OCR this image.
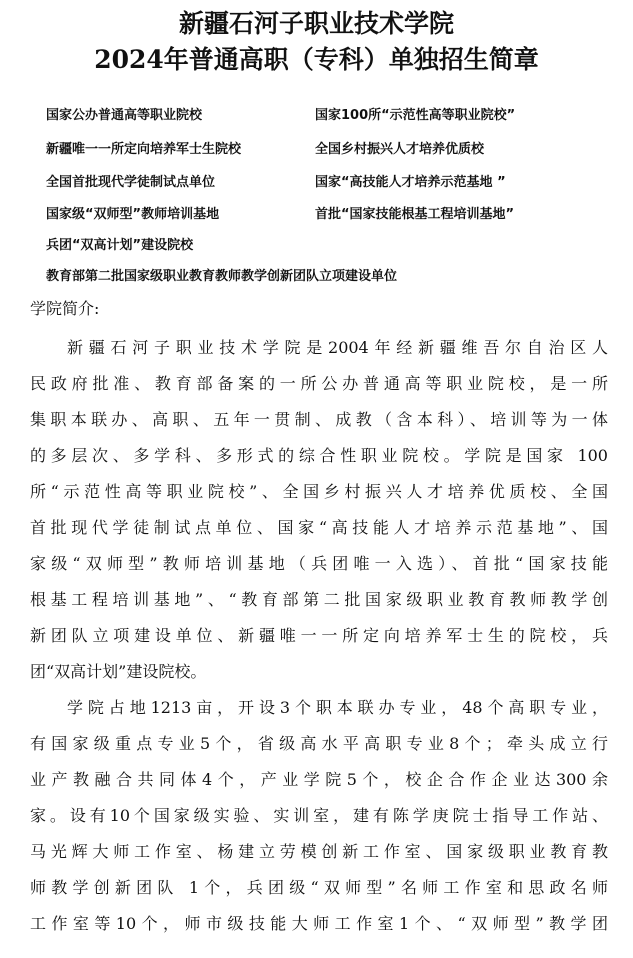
新疆石河子职业技术学院
2024年普通高职（专科）单独招生简章
国家公办普通高等职业院校	国家100所“示范性高等职业院校”
新疆唯一一所定向培养军士生院校	全国乡村振兴人才培养优质校
全国首批现代学徒制试点单位	国家“高技能人才培养示范基地 ”
国家级“双师型”教师培训基地	首批“国家技能根基工程培训基地”
兵团“双高计划”建设院校
教育部第二批国家级职业教育教师教学创新团队立项建设单位
学院简介:
新疆石河子职业技术学院是2004年经新疆维吾尔自治区人
民政府批准、教育部备案的一所公办普通高等职业院校，是一所
集职本联办、高职、五年一贯制、成教（含本科）、培训等为一体
的多层次、多学科、多形式的综合性职业院校。学院是国家 100
所“示范性高等职业院校”、全国乡村振兴人才培养优质校、全国
首批现代学徒制试点单位、国家“高技能人才培养示范基地”、国
家级“双师型”教师培训基地（兵团唯一入选）、首批“国家技能
根基工程培训基地”、“教育部第二批国家级职业教育教师教学创
新团队立项建设单位、新疆唯一一所定向培养军士生的院校，兵
团“双高计划”建设院校。
学院占地1213亩，开设3个职本联办专业，48个高职专业，
有国家级重点专业5个，省级高水平高职专业8个；牵头成立行
业产教融合共同体4个，产业学院5个，校企合作企业达300余
家。设有10个国家级实验、实训室，建有陈学庚院士指导工作站、
马光辉大师工作室、杨建立劳模创新工作室、国家级职业教育教
师教学创新团队 1个，兵团级“双师型”名师工作室和思政名师
工作室等10个，师市级技能大师工作室1个、“双师型”教学团
